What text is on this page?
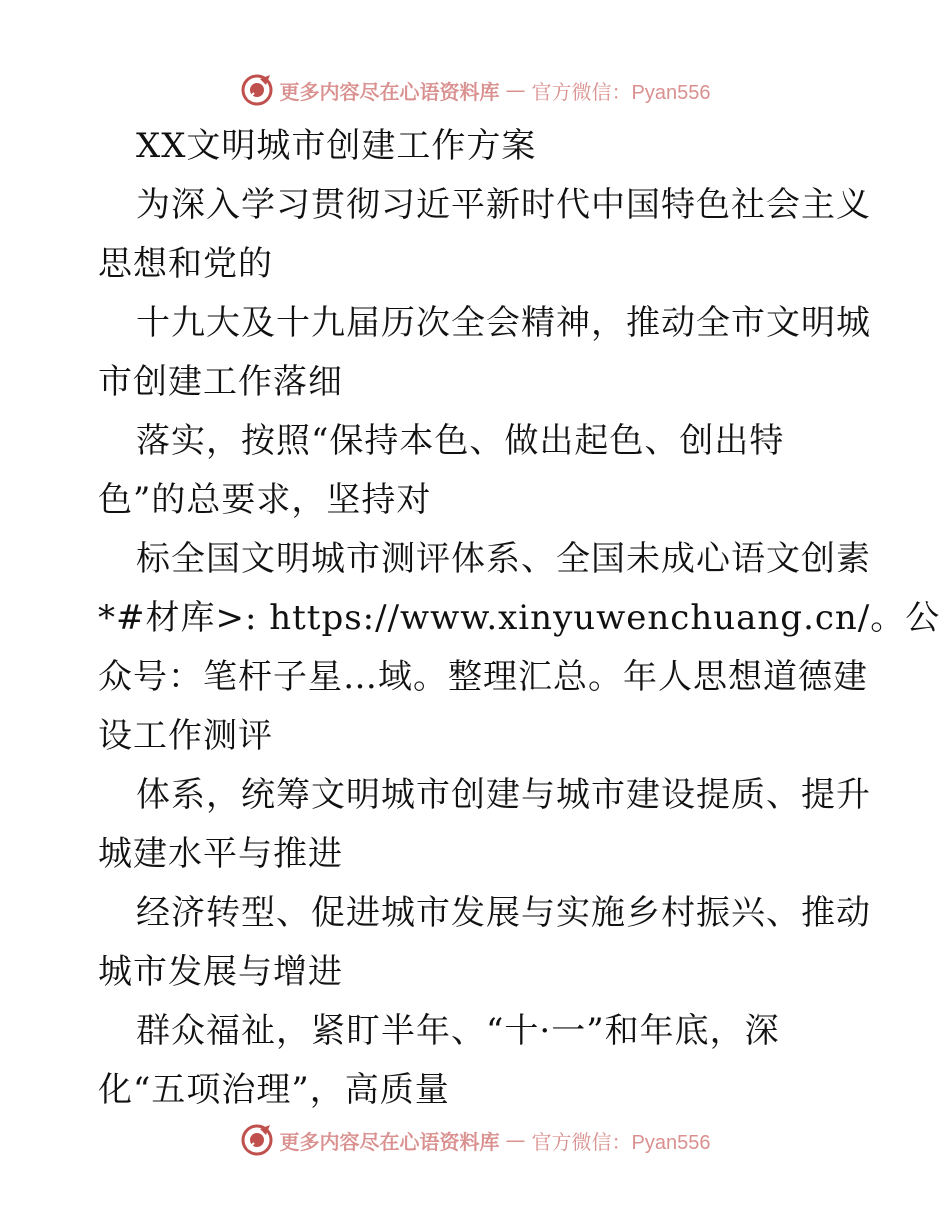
更多内容尽在心语资料库 — 官方微信：Pyan556
XX文明城市创建工作方案
为深入学习贯彻习近平新时代中国特色社会主义
思想和党的
十九大及十九届历次全会精神，推动全市文明城
市创建工作落细
落实，按照“保持本色、做出起色、创出特
色”的总要求，坚持对
标全国文明城市测评体系、全国未成心语文创素
*#材库>: https://www.xinyuwenchuang.cn/。公
众号：笔杆子星…域。整理汇总。年人思想道德建
设工作测评
体系，统筹文明城市创建与城市建设提质、提升
城建水平与推进
经济转型、促进城市发展与实施乡村振兴、推动
城市发展与增进
群众福祉，紧盯半年、“十·一”和年底，深
化“五项治理”，高质量
更多内容尽在心语资料库 — 官方微信：Pyan556
